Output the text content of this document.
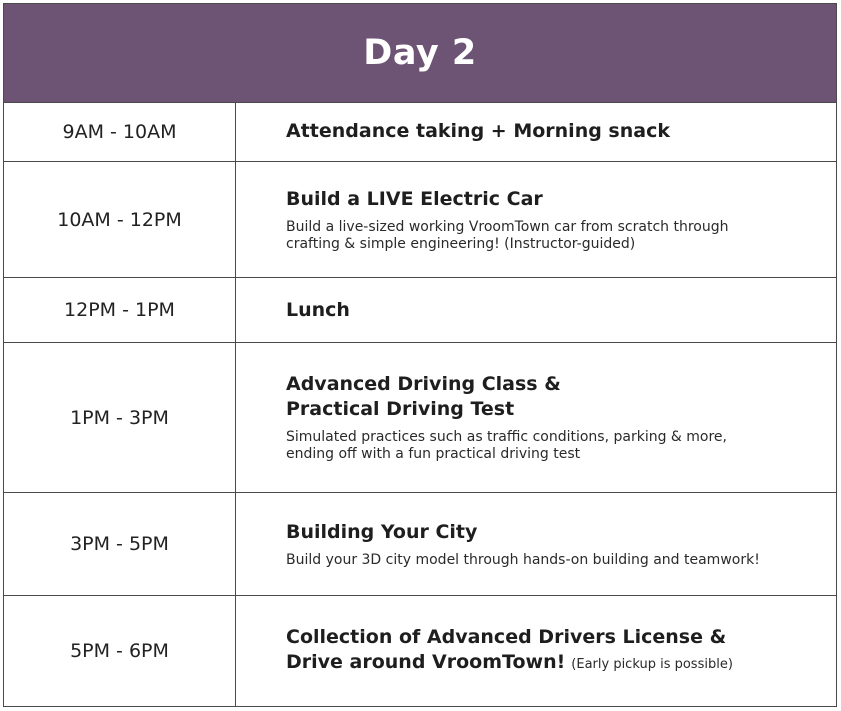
Day 2
9AM - 10AM	Attendance taking + Morning snack
10AM - 12PM
Build a LIVE Electric Car
Build a live-sized working VroomTown car from scratch through
crafting & simple engineering! (Instructor-guided)
12PM - 1PM	Lunch
1PM - 3PM
Advanced Driving Class &
Practical Driving Test
Simulated practices such as traffic conditions, parking & more,
ending off with a fun practical driving test
3PM - 5PM
Building Your City
Build your 3D city model through hands-on building and teamwork!
5PM - 6PM
Collection of Advanced Drivers License &
Drive around VroomTown! (Early pickup is possible)
